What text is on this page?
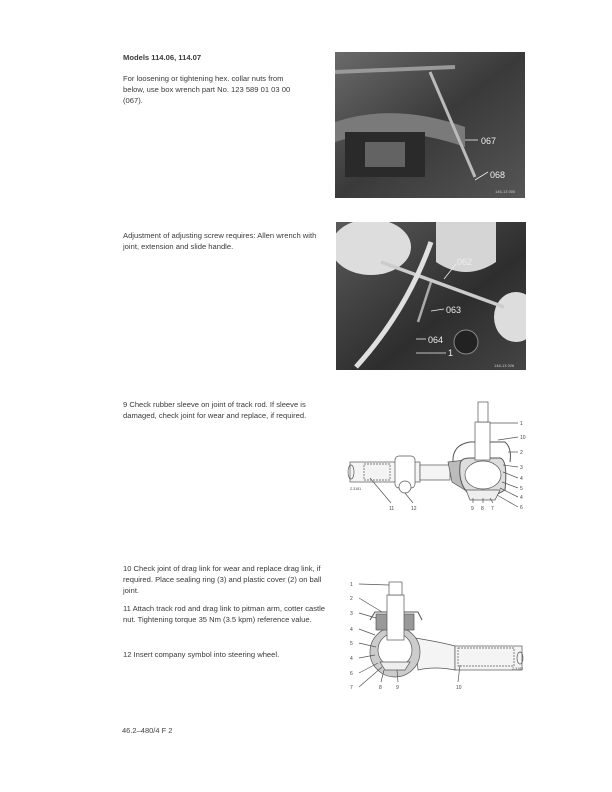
Models 114.06, 114.07
For loosening or tightening hex. collar nuts from below, use box wrench part No. 123 589 01 03 00 (067).
067
068
146-13 000
Adjustment of adjusting screw requires: Allen wrench with joint, extension and slide handle.
062
063
064
1
146-13 026
9 Check rubber sleeve on joint of track rod. If sleeve is damaged, check joint for wear and replace, if required.
1
10
2
3
4
5
4
6
11	12	9 8 7
Z-3181
10 Check joint of drag link for wear and replace drag link, if required. Place sealing ring (3) and plastic cover (2) on ball joint.
11 Attach track rod and drag link to pitman arm, cotter castle nut. Tightening torque 35 Nm (3.5 kpm) reference value.
12 Insert company symbol into steering wheel.
1
2
3
4
5
4
6
7	8	9	10
Z-3182
46.2–480/4 F 2
